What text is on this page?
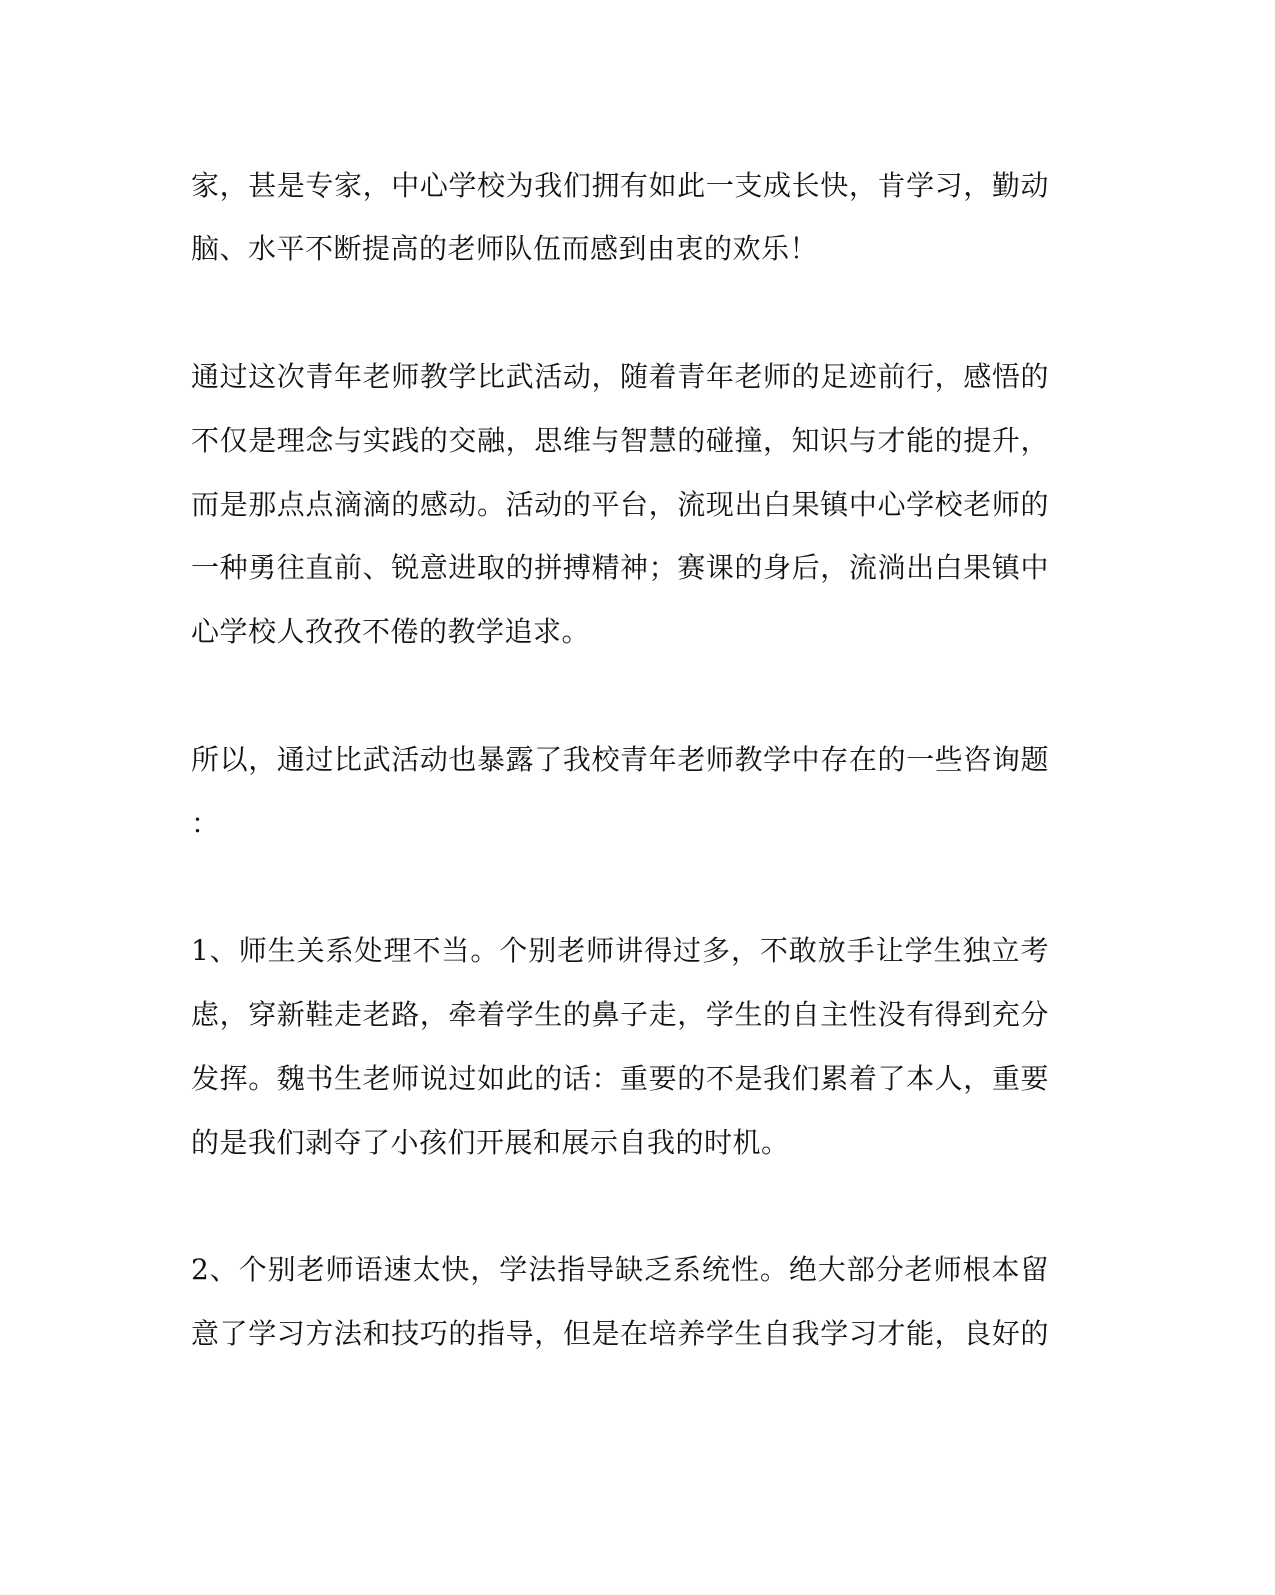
家，甚是专家，中心学校为我们拥有如此一支成长快，肯学习，勤动
脑、水平不断提高的老师队伍而感到由衷的欢乐！
通过这次青年老师教学比武活动，随着青年老师的足迹前行，感悟的
不仅是理念与实践的交融，思维与智慧的碰撞，知识与才能的提升，
而是那点点滴滴的感动。活动的平台，流现出白果镇中心学校老师的
一种勇往直前、锐意进取的拼搏精神；赛课的身后，流淌出白果镇中
心学校人孜孜不倦的教学追求。
所以，通过比武活动也暴露了我校青年老师教学中存在的一些咨询题
：
1、师生关系处理不当。个别老师讲得过多，不敢放手让学生独立考
虑，穿新鞋走老路，牵着学生的鼻子走，学生的自主性没有得到充分
发挥。魏书生老师说过如此的话：重要的不是我们累着了本人，重要
的是我们剥夺了小孩们开展和展示自我的时机。
2、个别老师语速太快，学法指导缺乏系统性。绝大部分老师根本留
意了学习方法和技巧的指导，但是在培养学生自我学习才能，良好的
